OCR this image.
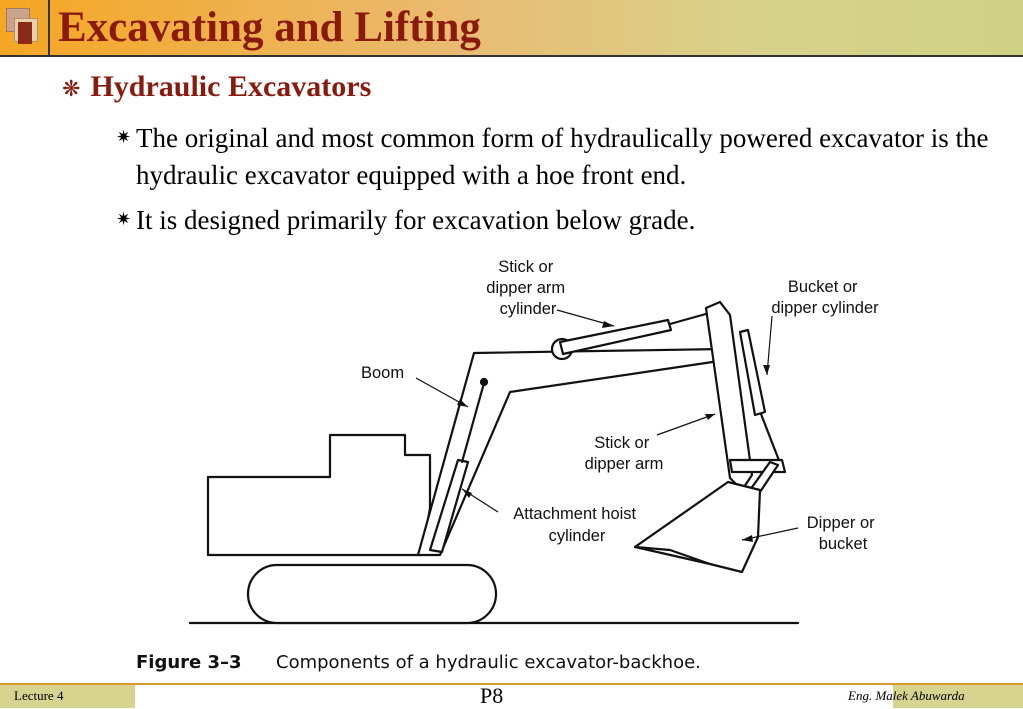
Excavating and Lifting
❋ Hydraulic Excavators
✷ The original and most common form of hydraulically powered excavator is the hydraulic excavator equipped with a hoe front end.
✷ It is designed primarily for excavation below grade.
Stick or dipper arm cylinder
Bucket or dipper cylinder
Boom
Stick or dipper arm
Attachment hoist cylinder
Dipper or bucket
Figure 3–3 Components of a hydraulic excavator-backhoe.
Lecture 4	P8	Eng. Malek Abuwarda
